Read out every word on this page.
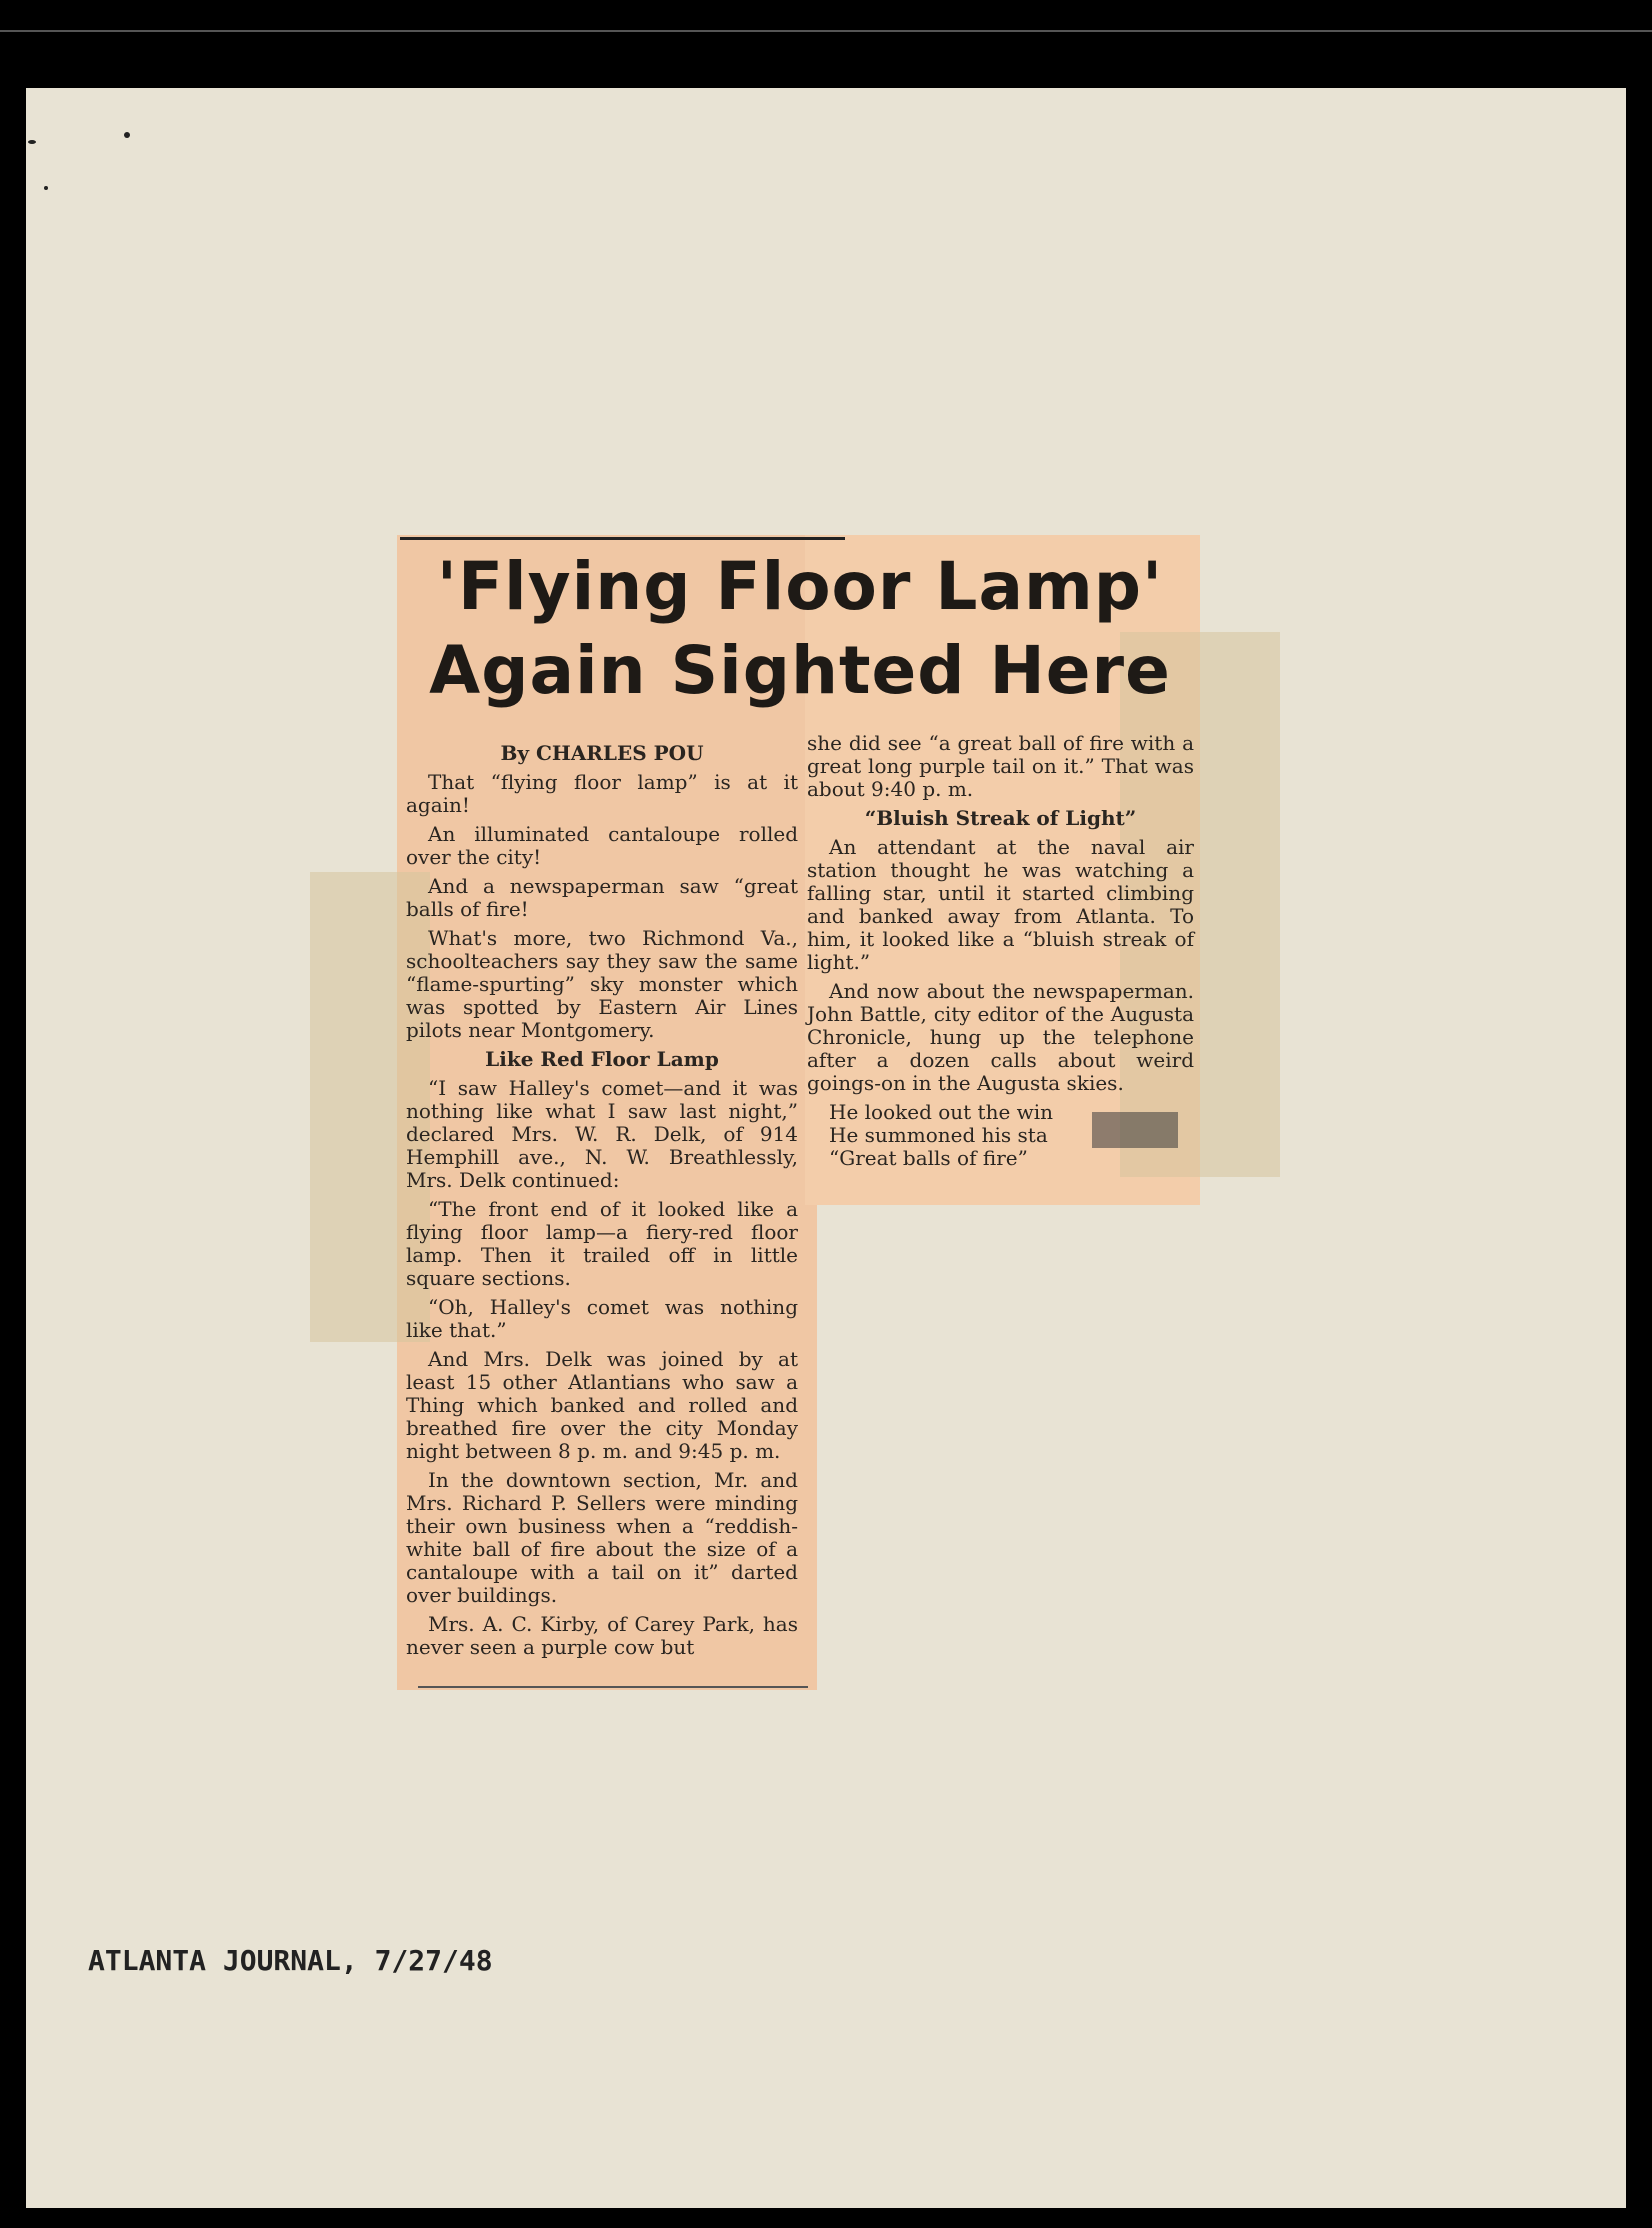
'Flying Floor Lamp'
Again Sighted Here
By CHARLES POU

That “flying floor lamp” is at it again!

An illuminated cantaloupe rolled over the city!

And a newspaperman saw “great balls of fire!

What's more, two Richmond Va., schoolteachers say they saw the same “flame-spurting” sky monster which was spotted by Eastern Air Lines pilots near Montgomery.

Like Red Floor Lamp

“I saw Halley's comet—and it was nothing like what I saw last night,” declared Mrs. W. R. Delk, of 914 Hemphill ave., N. W. Breathlessly, Mrs. Delk continued:

“The front end of it looked like a flying floor lamp—a fiery-red floor lamp. Then it trailed off in little square sections.

“Oh, Halley's comet was nothing like that.”

And Mrs. Delk was joined by at least 15 other Atlantians who saw a Thing which banked and rolled and breathed fire over the city Monday night between 8 p. m. and 9:45 p. m.

In the downtown section, Mr. and Mrs. Richard P. Sellers were minding their own business when a “reddish-white ball of fire about the size of a cantaloupe with a tail on it” darted over buildings.

Mrs. A. C. Kirby, of Carey Park, has never seen a purple cow but

she did see “a great ball of fire with a great long purple tail on it.” That was about 9:40 p. m.

“Bluish Streak of Light”

An attendant at the naval air station thought he was watching a falling star, until it started climbing and banked away from Atlanta. To him, it looked like a “bluish streak of light.”

And now about the newspaperman. John Battle, city editor of the Augusta Chronicle, hung up the telephone after a dozen calls about weird goings-on in the Augusta skies.

He looked out the win

He summoned his sta

“Great balls of fire”

ATLANTA JOURNAL, 7/27/48
